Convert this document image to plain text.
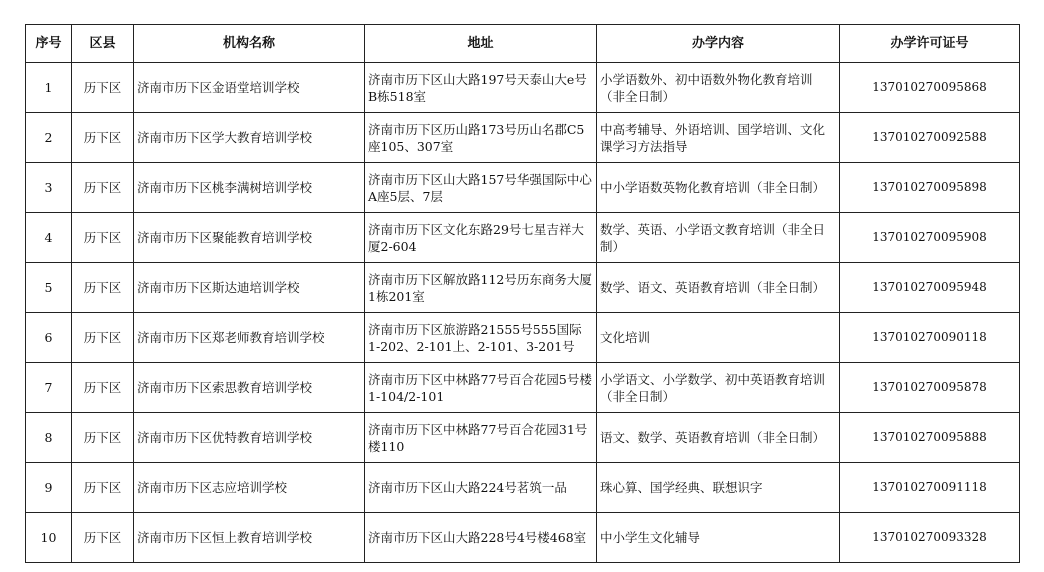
序号	区县	机构名称	地址	办学内容	办学许可证号
1	历下区	济南市历下区金语堂培训学校	济南市历下区山大路197号天泰山大e号B栋518室	小学语数外、初中语数外物化教育培训（非全日制）	137010270095868
2	历下区	济南市历下区学大教育培训学校	济南市历下区历山路173号历山名郡C5座105、307室	中高考辅导、外语培训、国学培训、文化课学习方法指导	137010270092588
3	历下区	济南市历下区桃李满树培训学校	济南市历下区山大路157号华强国际中心A座5层、7层	中小学语数英物化教育培训（非全日制）	137010270095898
4	历下区	济南市历下区聚能教育培训学校	济南市历下区文化东路29号七星吉祥大厦2-604	数学、英语、小学语文教育培训（非全日制）	137010270095908
5	历下区	济南市历下区斯达迪培训学校	济南市历下区解放路112号历东商务大厦1栋201室	数学、语文、英语教育培训（非全日制）	137010270095948
6	历下区	济南市历下区郑老师教育培训学校	济南市历下区旅游路21555号555国际1-202、2-101上、2-101、3-201号	文化培训	137010270090118
7	历下区	济南市历下区索思教育培训学校	济南市历下区中林路77号百合花园5号楼1-104/2-101	小学语文、小学数学、初中英语教育培训（非全日制）	137010270095878
8	历下区	济南市历下区优特教育培训学校	济南市历下区中林路77号百合花园31号楼110	语文、数学、英语教育培训（非全日制）	137010270095888
9	历下区	济南市历下区志应培训学校	济南市历下区山大路224号茗筑一品	珠心算、国学经典、联想识字	137010270091118
10	历下区	济南市历下区恒上教育培训学校	济南市历下区山大路228号4号楼468室	中小学生文化辅导	137010270093328
